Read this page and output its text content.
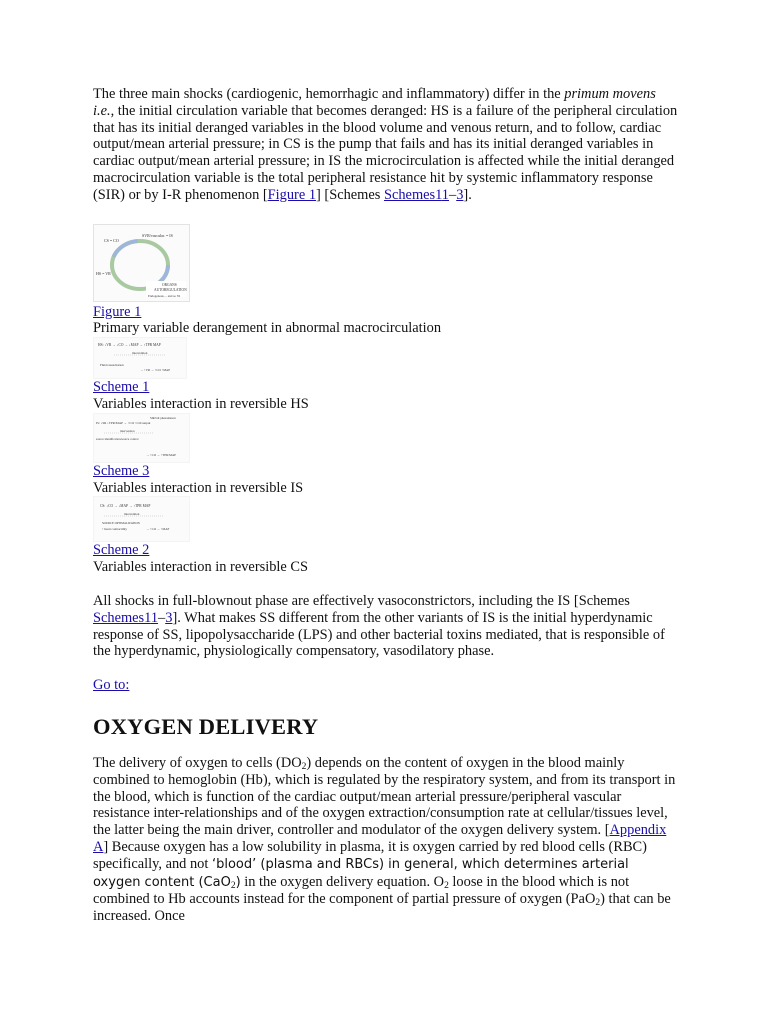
The three main shocks (cardiogenic, hemorrhagic and inflammatory) differ in the primum movens i.e., the initial circulation variable that becomes deranged: HS is a failure of the peripheral circulation that has its initial deranged variables in the blood volume and venous return, and to follow, cardiac output/mean arterial pressure; in CS is the pump that fails and has its initial deranged variables in cardiac output/mean arterial pressure; in IS the microcirculation is affected while the initial deranged macrocirculation variable is the total peripheral resistance hit by systemic inflammatory response (SIR) or by I-R phenomenon [Figure 1] [Schemes Schemes11–3].

CS = CO
SVR/vascular. = IS
HS = VR
ORGANS
AUTOREGULATION
Endogenous ... and so SS
Figure 1
Primary variable derangement in abnormal macrocirculation
HS: ↓VR → ↓CO → ↓MAP → ↑TPR MAP
intervention
Fluid resuscitation
→ ↑VR → ↑CO ↑MAP
Scheme 1
Variables interaction in reversible HS
IS: ↓SR ↓TPR/MAP → ↑CO ↑CO/output
SIR/I-R phenomenon
intervention
source identification/source control
→ ↑CO → ↑TPR/MAP
Scheme 3
Variables interaction in reversible IS
CS: ↓CO → ↓MAP → ↑TPR MAP
intervention
SOURCE OPTIMALIZATION
↑ heart contractility	→ ↑CO → ↑MAP
Scheme 2
Variables interaction in reversible CS

All shocks in full-blownout phase are effectively vasoconstrictors, including the IS [Schemes Schemes11–3]. What makes SS different from the other variants of IS is the initial hyperdynamic response of SS, lipopolysaccharide (LPS) and other bacterial toxins mediated, that is responsible of the hyperdynamic, physiologically compensatory, vasodilatory phase.

Go to:

OXYGEN DELIVERY

The delivery of oxygen to cells $(DO_2)$ depends on the content of oxygen in the blood mainly combined to hemoglobin (Hb), which is regulated by the respiratory system, and from its transport in the blood, which is function of the cardiac output/mean arterial pressure/peripheral vascular resistance inter-relationships and of the oxygen extraction/consumption rate at cellular/tissues level, the latter being the main driver, controller and modulator of the oxygen delivery system. [Appendix A] Because oxygen has a low solubility in plasma, it is oxygen carried by red blood cells (RBC) specifically, and not ‘blood’ (plasma and RBCs) in general, which determines arterial oxygen content (CaO$_2$) in the oxygen delivery equation. $O_2$ loose in the blood which is not combined to Hb accounts instead for the component of partial pressure of oxygen (PaO$_2$) that can be increased. Once
